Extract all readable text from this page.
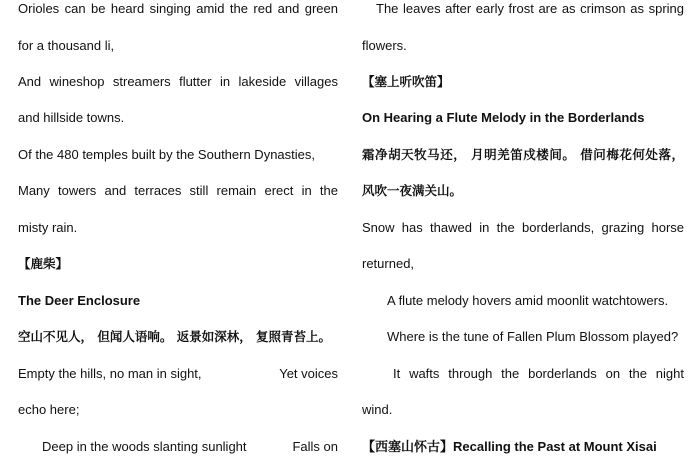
Orioles can be heard singing amid the red and green
for a thousand li,
And wineshop streamers flutter in lakeside villages
and hillside towns.
Of the 480 temples built by the Southern Dynasties,
Many towers and terraces still remain erect in the
misty rain.
【鹿柴】
The Deer Enclosure
空山不见人， 但闻人语响。 返景如深林， 复照青苔上。
Empty the hills, no man in sight,	Yet voices
echo here;
Deep in the woods slanting sunlight	Falls on
The leaves after early frost are as crimson as spring
flowers.
【塞上听吹笛】
On Hearing a Flute Melody in the Borderlands
霜净胡天牧马还， 月明羌笛戍楼间。 借问梅花何处落，
风吹一夜满关山。
Snow has thawed in the borderlands, grazing horse
returned,
A flute melody hovers amid moonlit watchtowers.
Where is the tune of Fallen Plum Blossom played?
It wafts through the borderlands on the night
wind.
【西塞山怀古】Recalling the Past at Mount Xisai
